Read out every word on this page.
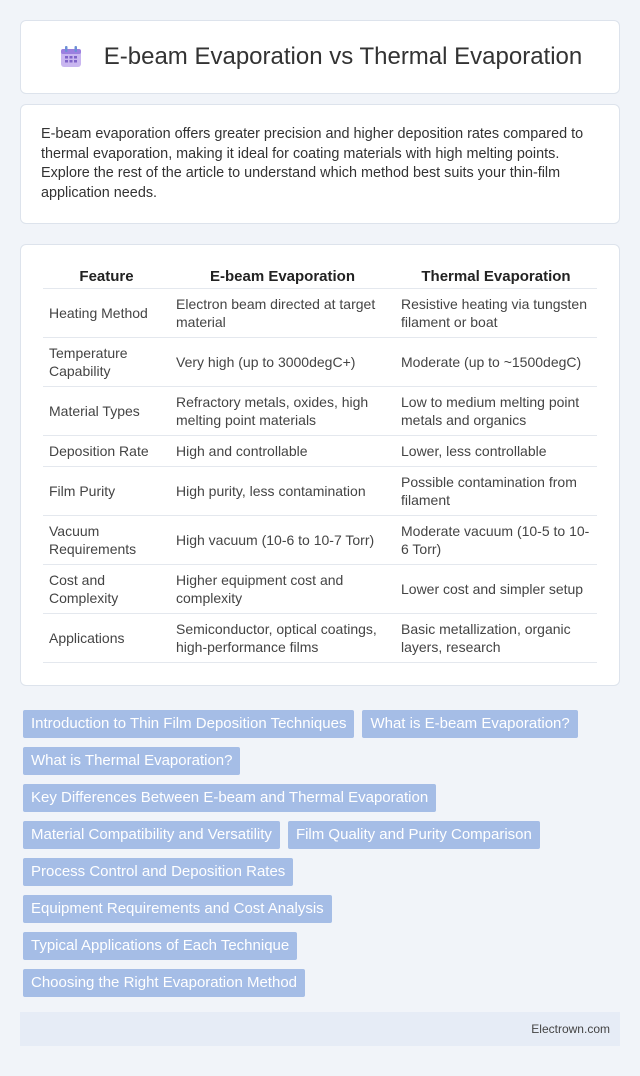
E-beam Evaporation vs Thermal Evaporation

E-beam evaporation offers greater precision and higher deposition rates compared to thermal evaporation, making it ideal for coating materials with high melting points. Explore the rest of the article to understand which method best suits your thin-film application needs.

Feature	E-beam Evaporation	Thermal Evaporation
Heating Method	Electron beam directed at target material	Resistive heating via tungsten filament or boat
Temperature Capability	Very high (up to 3000degC+)	Moderate (up to ~1500degC)
Material Types	Refractory metals, oxides, high melting point materials	Low to medium melting point metals and organics
Deposition Rate	High and controllable	Lower, less controllable
Film Purity	High purity, less contamination	Possible contamination from filament
Vacuum Requirements	High vacuum (10-6 to 10-7 Torr)	Moderate vacuum (10-5 to 10-6 Torr)
Cost and Complexity	Higher equipment cost and complexity	Lower cost and simpler setup
Applications	Semiconductor, optical coatings, high-performance films	Basic metallization, organic layers, research
Introduction to Thin Film Deposition Techniques	What is E-beam Evaporation?
What is Thermal Evaporation?
Key Differences Between E-beam and Thermal Evaporation
Material Compatibility and Versatility	Film Quality and Purity Comparison
Process Control and Deposition Rates
Equipment Requirements and Cost Analysis
Typical Applications of Each Technique
Choosing the Right Evaporation Method
Electrown.com
